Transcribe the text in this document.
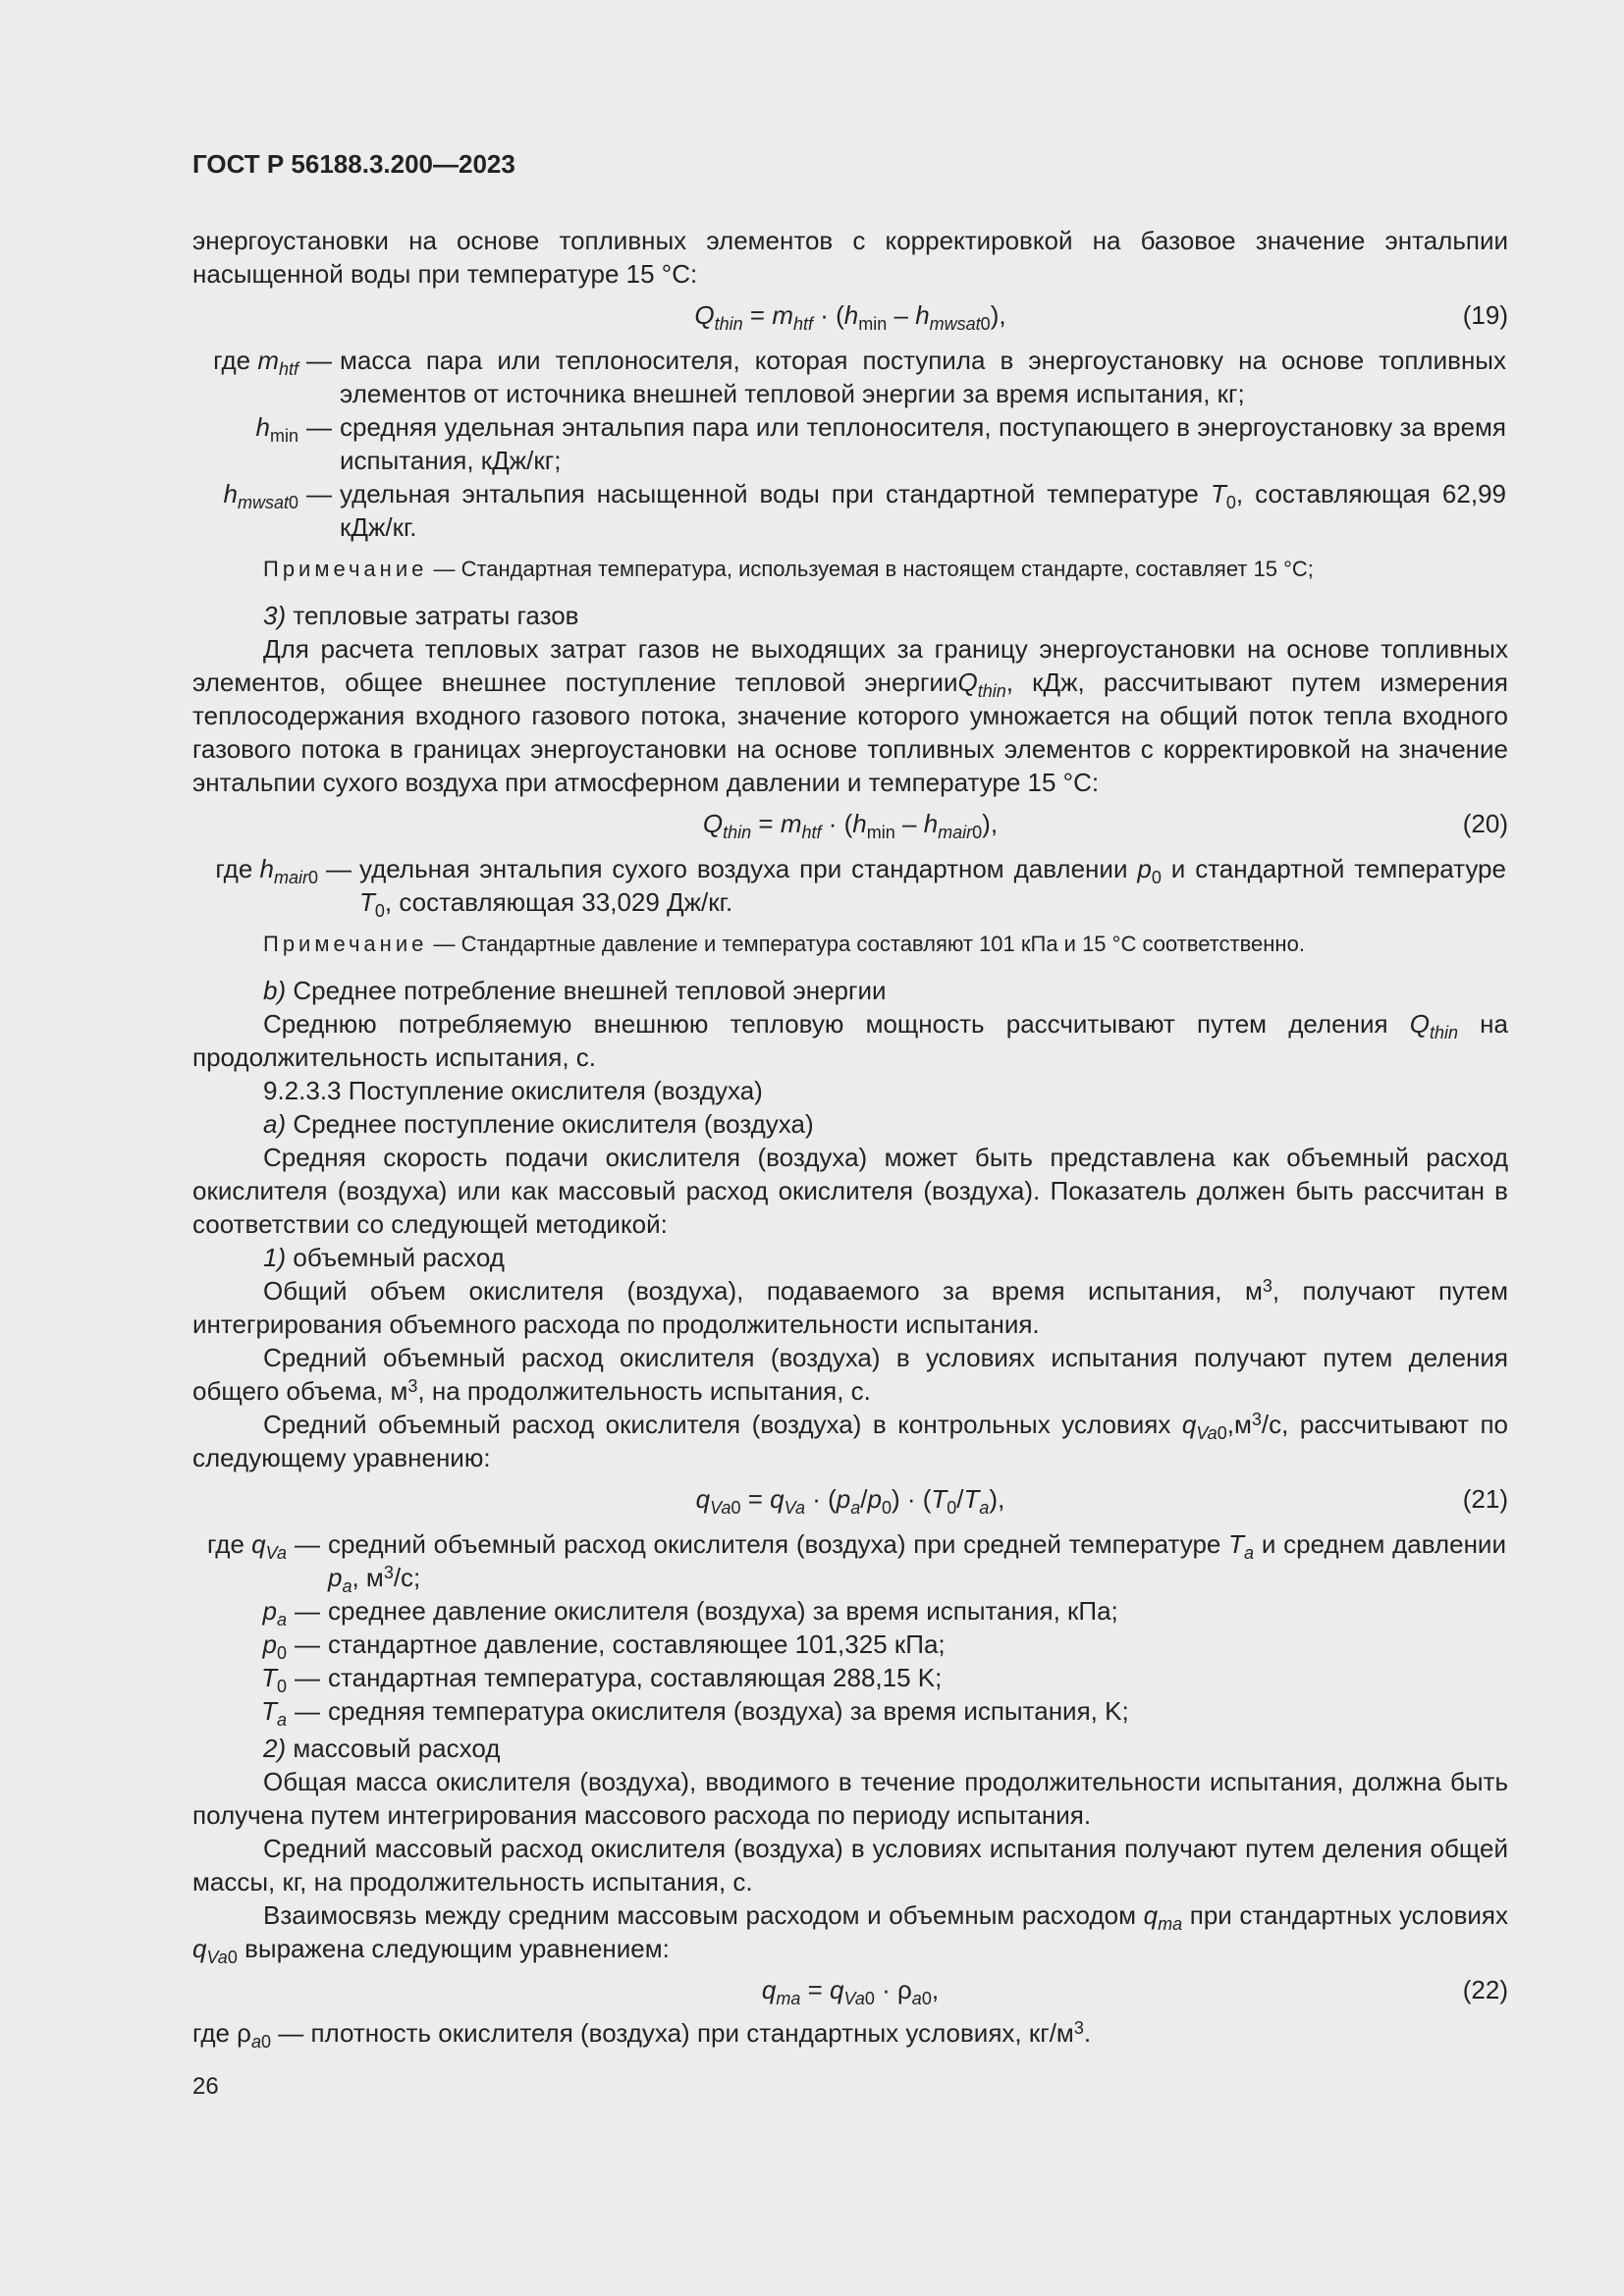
ГОСТ Р 56188.3.200—2023

энергоустановки на основе топливных элементов с корректировкой на базовое значение энтальпии насыщенной воды при температуре 15 °С:

$Q_{thin} = m_{htf} \cdot (h_{min} - h_{mwsat0})$,	(19)
где $m_{htf}$	—	масса пара или теплоносителя, которая поступила в энергоустановку на основе топливных элементов от источника внешней тепловой энергии за время испытания, кг;
$h_{min}$	—	средняя удельная энтальпия пара или теплоносителя, поступающего в энергоустановку за время испытания, кДж/кг;
$h_{mwsat0}$	—	удельная энтальпия насыщенной воды при стандартной температуре $T_0$, составляющая 62,99 кДж/кг.

Примечание — Стандартная температура, используемая в настоящем стандарте, составляет 15 °С;

3) тепловые затраты газов

Для расчета тепловых затрат газов не выходящих за границу энергоустановки на основе топливных элементов, общее внешнее поступление тепловой энергииQ$_{thin}$, кДж, рассчитывают путем измерения теплосодержания входного газового потока, значение которого умножается на общий поток тепла входного газового потока в границах энергоустановки на основе топливных элементов с корректировкой на значение энтальпии сухого воздуха при атмосферном давлении и температуре 15 °С:

$Q_{thin} = m_{htf} \cdot (h_{min} - h_{mair0})$,	(20)
где $h_{mair0}$	—	удельная энтальпия сухого воздуха при стандартном давлении $p_0$ и стандартной температуре $T_0$, составляющая 33,029 Дж/кг.

Примечание — Стандартные давление и температура составляют 101 кПа и 15 °С соответственно.

b) Среднее потребление внешней тепловой энергии

Среднюю потребляемую внешнюю тепловую мощность рассчитывают путем деления $Q_{thin}$ на продолжительность испытания, с.

9.2.3.3 Поступление окислителя (воздуха)

a) Среднее поступление окислителя (воздуха)

Средняя скорость подачи окислителя (воздуха) может быть представлена как объемный расход окислителя (воздуха) или как массовый расход окислителя (воздуха). Показатель должен быть рассчитан в соответствии со следующей методикой:

1) объемный расход

Общий объем окислителя (воздуха), подаваемого за время испытания, $м^3$, получают путем интегрирования объемного расхода по продолжительности испытания.

Средний объемный расход окислителя (воздуха) в условиях испытания получают путем деления общего объема, $м^3$, на продолжительность испытания, с.

Средний объемный расход окислителя (воздуха) в контрольных условиях $q_{Va0},м^3/с$, рассчитывают по следующему уравнению:

$q_{Va0} = q_{Va} \cdot (p_a/p_0) \cdot (T_0/T_a)$,	(21)
где $q_{Va}$	—	средний объемный расход окислителя (воздуха) при средней температуре $T_a$ и среднем давлении $p_a$, $м^3/с$;
$p_a$	—	среднее давление окислителя (воздуха) за время испытания, кПа;
$p_0$	—	стандартное давление, составляющее 101,325 кПа;
$T_0$	—	стандартная температура, составляющая 288,15 K;
$T_a$	—	средняя температура окислителя (воздуха) за время испытания, K;

2) массовый расход

Общая масса окислителя (воздуха), вводимого в течение продолжительности испытания, должна быть получена путем интегрирования массового расхода по периоду испытания.

Средний массовый расход окислителя (воздуха) в условиях испытания получают путем деления общей массы, кг, на продолжительность испытания, с.

Взаимосвязь между средним массовым расходом и объемным расходом $q_{ma}$ при стандартных условиях $q_{Va0}$ выражена следующим уравнением:

$q_{ma} = q_{Va0} \cdot \rho_{a0}$,	(22)

где $\rho_{a0}$ — плотность окислителя (воздуха) при стандартных условиях, $кг/м^3$.

26
